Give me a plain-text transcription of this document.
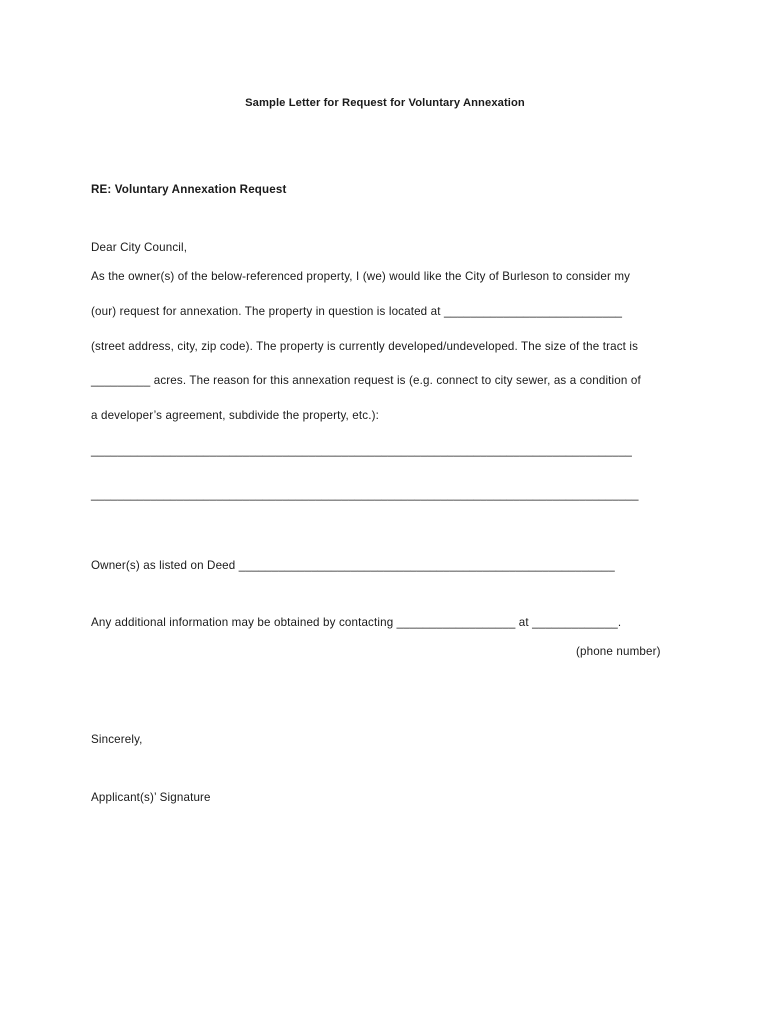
Sample Letter for Request for Voluntary Annexation
RE: Voluntary Annexation Request
Dear City Council,
As the owner(s) of the below-referenced property, I (we) would like the City of Burleson to consider my
(our) request for annexation. The property in question is located at ___________________________
(street address, city, zip code). The property is currently developed/undeveloped. The size of the tract is
_________ acres. The reason for this annexation request is (e.g. connect to city sewer, as a condition of
a developer’s agreement, subdivide the property, etc.):
__________________________________________________________________________________
___________________________________________________________________________________
Owner(s) as listed on Deed _________________________________________________________
Any additional information may be obtained by contacting __________________ at _____________.
(phone number)
Sincerely,
Applicant(s)’ Signature
